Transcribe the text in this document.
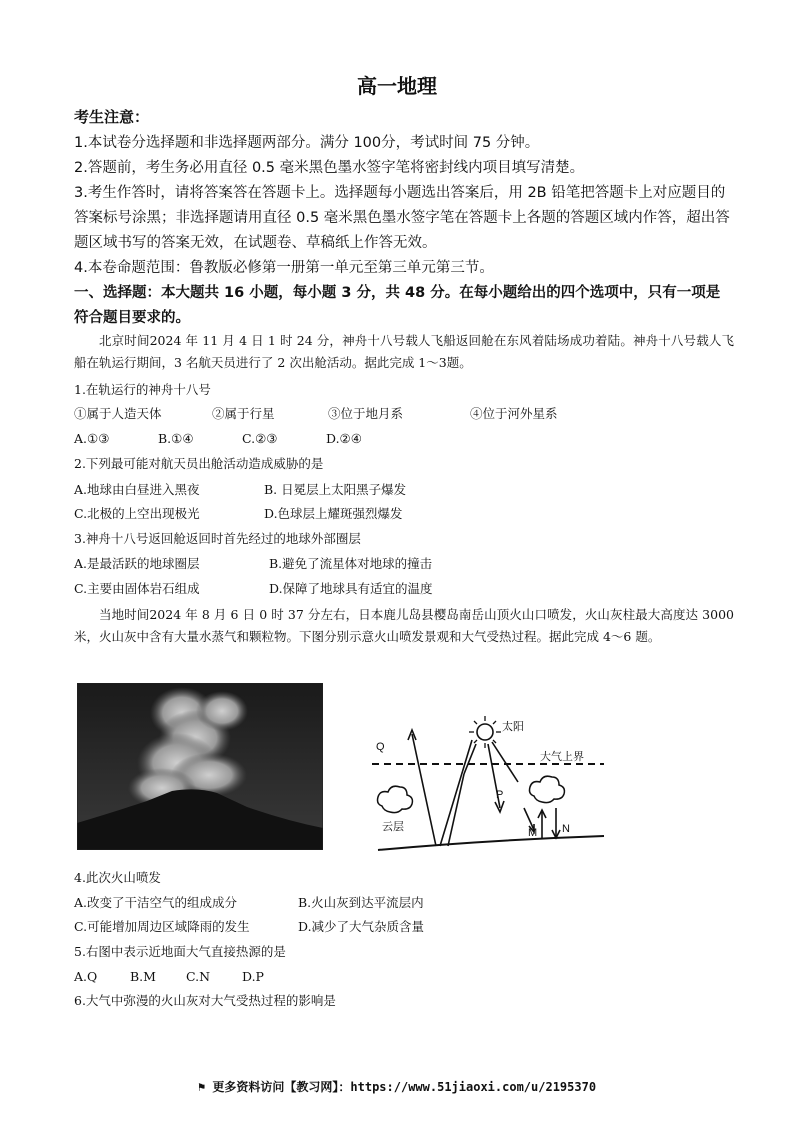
高一地理
考生注意：
1.本试卷分选择题和非选择题两部分。满分 100分，考试时间 75 分钟。
2.答题前，考生务必用直径 0.5 毫米黑色墨水签字笔将密封线内项目填写清楚。
3.考生作答时，请将答案答在答题卡上。选择题每小题选出答案后，用 2B 铅笔把答题卡上对应题目的答案标号涂黑；非选择题请用直径 0.5 毫米黑色墨水签字笔在答题卡上各题的答题区域内作答，超出答题区域书写的答案无效，在试题卷、草稿纸上作答无效。
4.本卷命题范围：鲁教版必修第一册第一单元至第三单元第三节。
一、选择题：本大题共 16 小题，每小题 3 分，共 48 分。在每小题给出的四个选项中，只有一项是符合题目要求的。
北京时间2024 年 11 月 4 日 1 时 24 分，神舟十八号载人飞船返回舱在东风着陆场成功着陆。神舟十八号载人飞船在轨运行期间，3 名航天员进行了 2 次出舱活动。据此完成 1～3题。
1.在轨运行的神舟十八号
①属于人造天体	②属于行星	③位于地月系	④位于河外星系
A.①③	B.①④	C.②③	D.②④
2.下列最可能对航天员出舱活动造成威胁的是
A.地球由白昼进入黑夜	B. 日冕层上太阳黑子爆发
C.北极的上空出现极光	D.色球层上耀斑强烈爆发
3.神舟十八号返回舱返回时首先经过的地球外部圈层
A.是最活跃的地球圈层	B.避免了流星体对地球的撞击
C.主要由固体岩石组成	D.保障了地球具有适宜的温度
当地时间2024 年 8 月 6 日 0 时 37 分左右，日本鹿儿岛县樱岛南岳山顶火山口喷发，火山灰柱最大高度达 3000 米，火山灰中含有大量水蒸气和颗粒物。下图分别示意火山喷发景观和大气受热过程。据此完成 4～6 题。
太阳
大气上界
云层
Q
P
M N
4.此次火山喷发
A.改变了干洁空气的组成成分	B.火山灰到达平流层内
C.可能增加周边区域降雨的发生	D.减少了大气杂质含量
5.右图中表示近地面大气直接热源的是
A.Q	B.M C.N	D.P
6.大气中弥漫的火山灰对大气受热过程的影响是
⚑ 更多资料访问【教习网】：https://www.51jiaoxi.com/u/2195370
